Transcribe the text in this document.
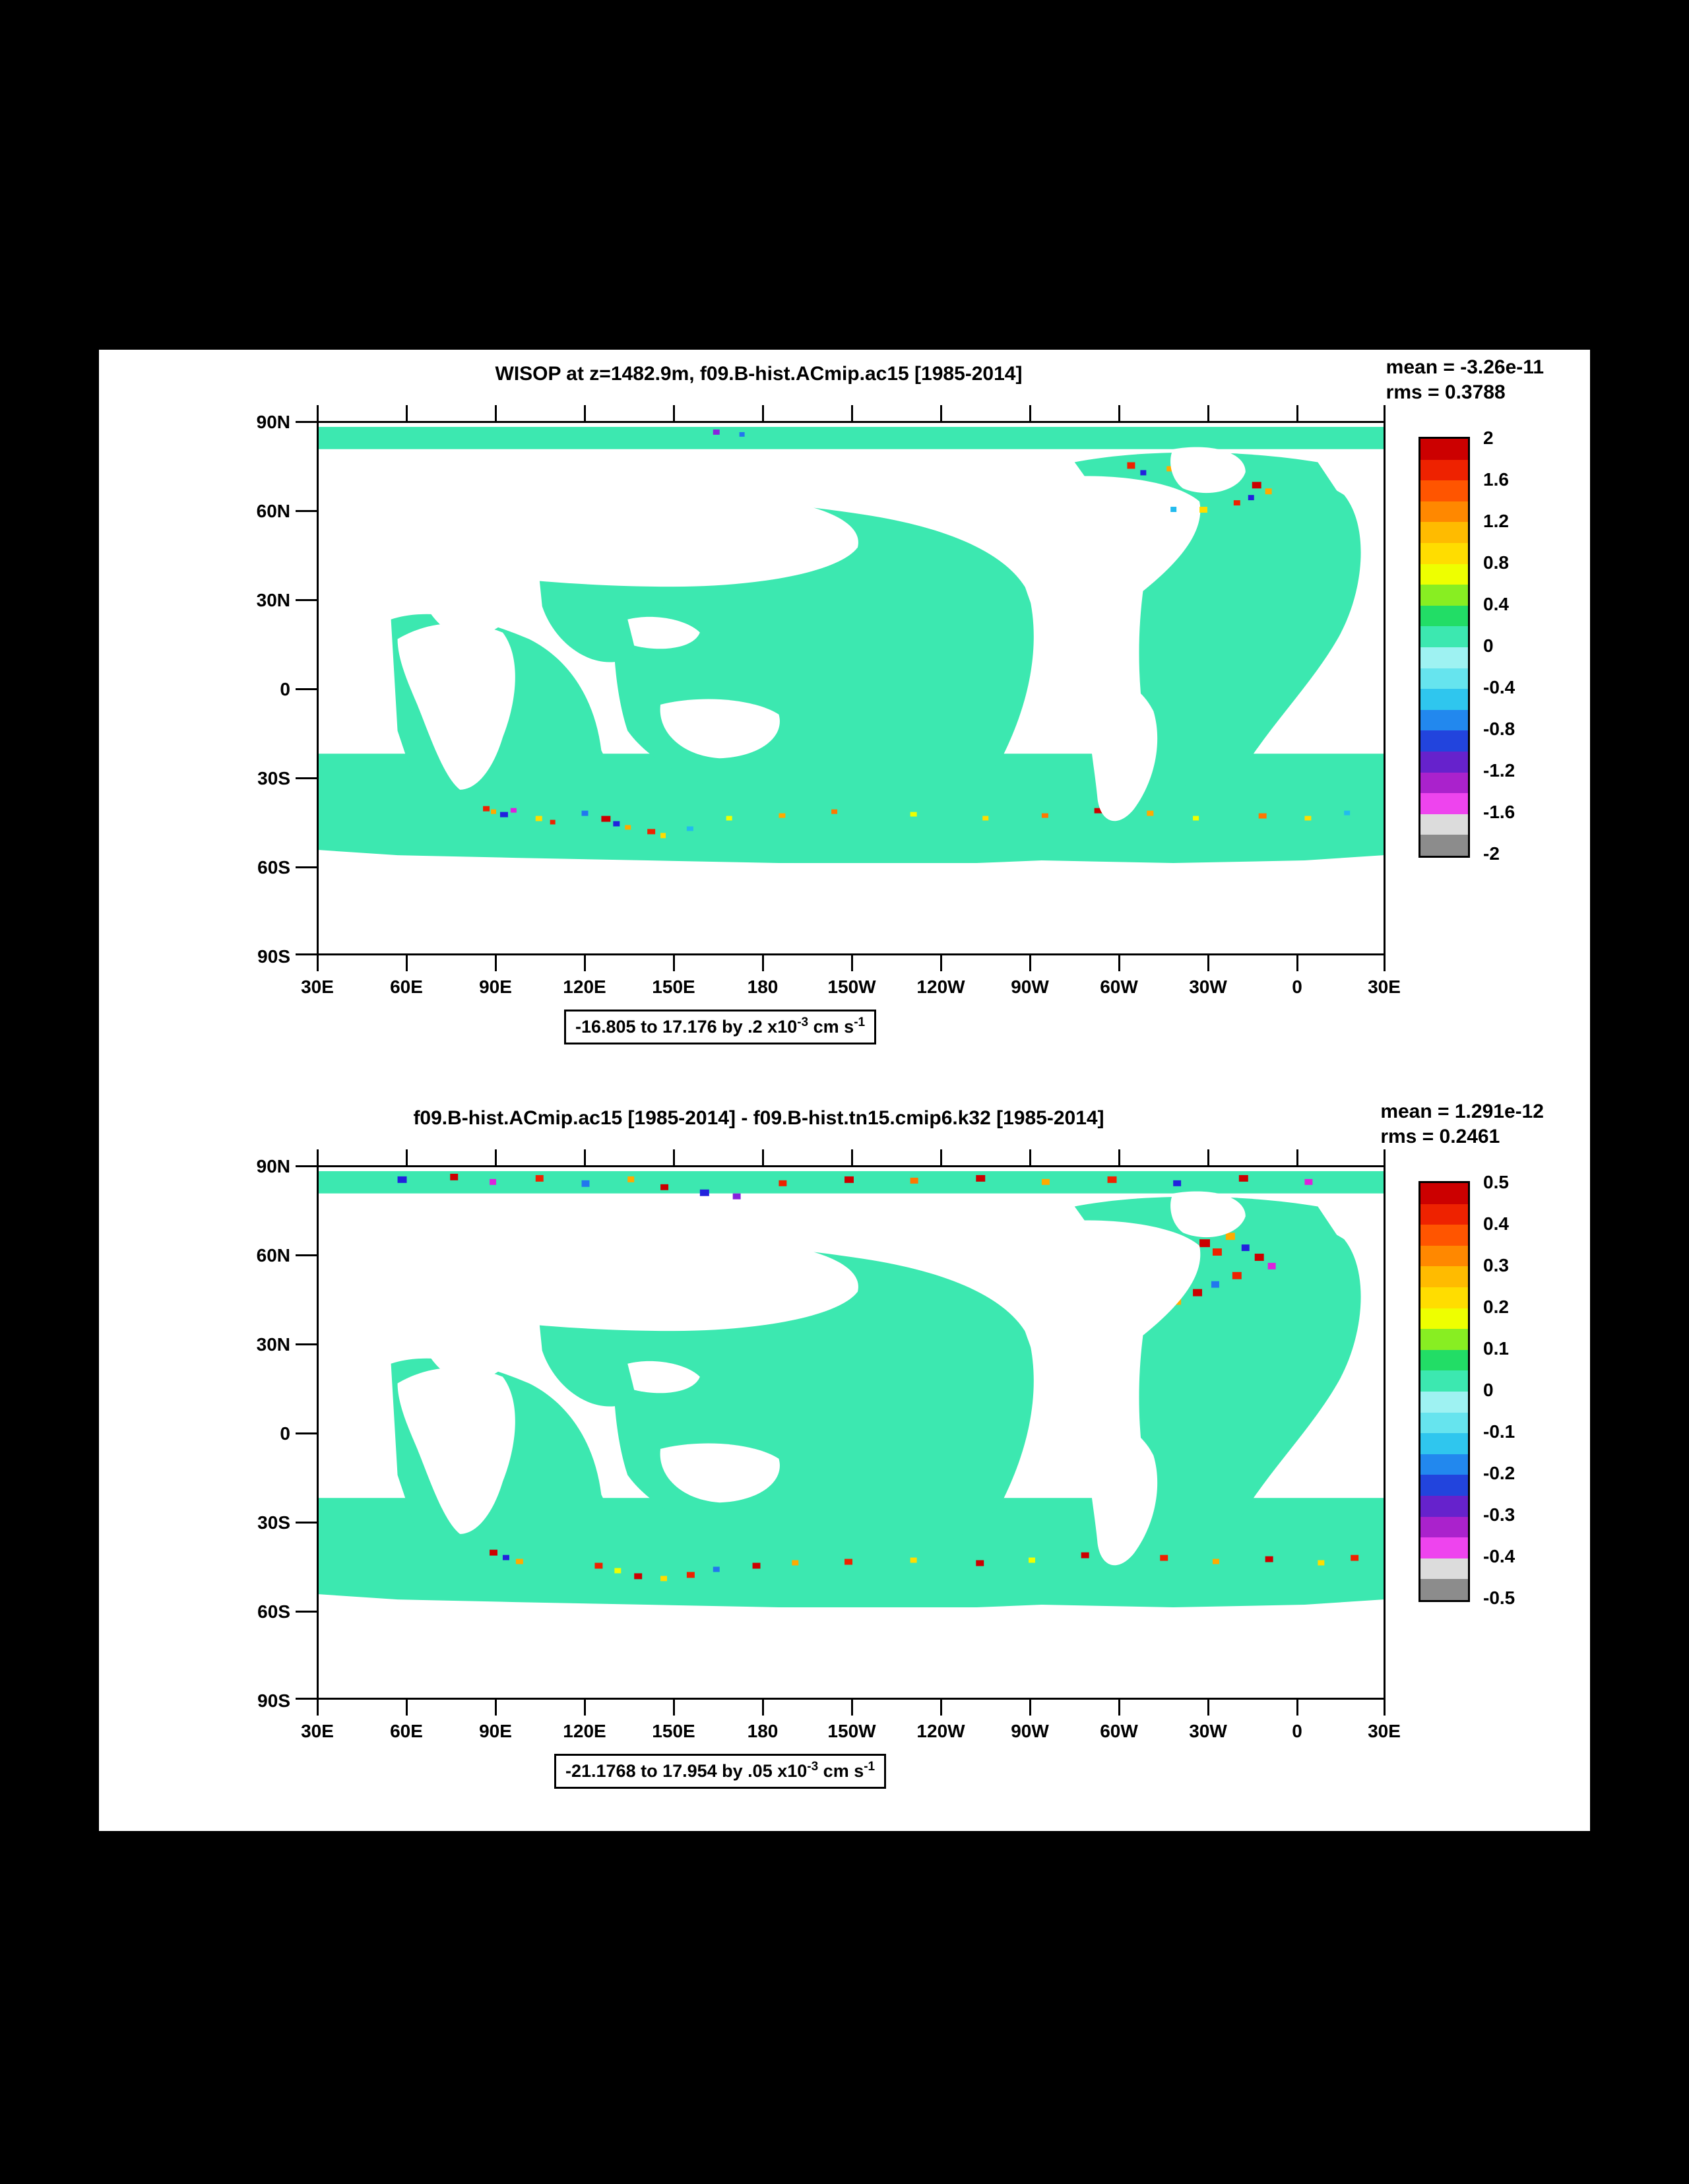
WISOP at z=1482.9m, f09.B-hist.ACmip.ac15 [1985-2014]	mean = -3.26e-11
rms = 0.3788
90N
60N
30N
0
30S
60S
90S
30E	60E	90E	120E	150E	180	150W	120W	90W	60W	30W	0	30E
2
1.6
1.2
0.8
0.4
0
-0.4
-0.8
-1.2
-1.6
-2
-16.805 to 17.176 by .2 $x10^{-3}$ cm $s^{-1}$
f09.B-hist.ACmip.ac15 [1985-2014] - f09.B-hist.tn15.cmip6.k32 [1985-2014]	mean = 1.291e-12
rms = 0.2461
90N
60N
30N
0
30S
60S
90S
30E	60E	90E	120E	150E	180	150W	120W	90W	60W	30W	0	30E
0.5
0.4
0.3
0.2
0.1
0
-0.1
-0.2
-0.3
-0.4
-0.5
-21.1768 to 17.954 by .05 $x10^{-3}$ cm $s^{-1}$
